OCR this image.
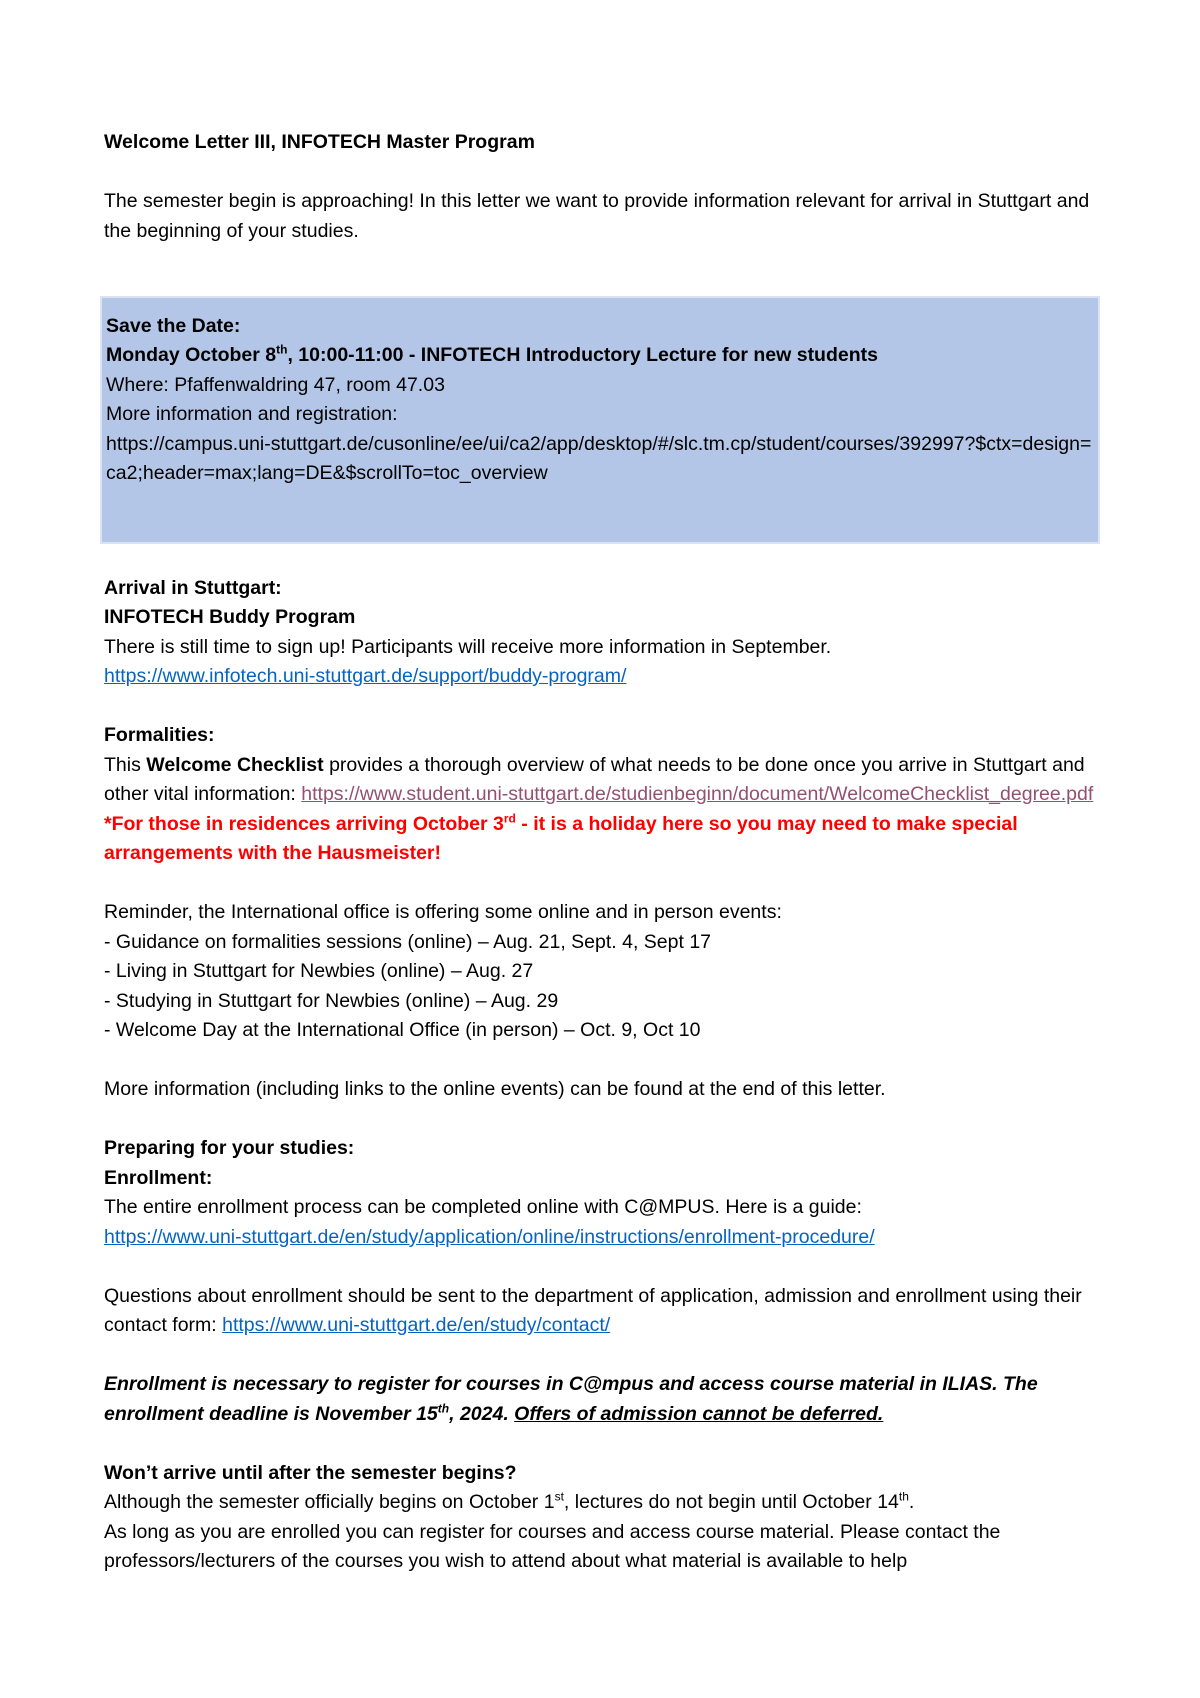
Welcome Letter III, INFOTECH Master Program

The semester begin is approaching! In this letter we want to provide information relevant for arrival in Stuttgart and the beginning of your studies.

Save the Date:

Monday October 8th, 10:00-11:00 - INFOTECH Introductory Lecture for new students

Where: Pfaffenwaldring 47, room 47.03

More information and registration:

https://campus.uni-stuttgart.de/cusonline/ee/ui/ca2/app/desktop/#/slc.tm.cp/student/courses/392997?$ctx=design=ca2;header=max;lang=DE&$scrollTo=toc_overview

Arrival in Stuttgart:

INFOTECH Buddy Program

There is still time to sign up! Participants will receive more information in September.

https://www.infotech.uni-stuttgart.de/support/buddy-program/

Formalities:

This Welcome Checklist provides a thorough overview of what needs to be done once you arrive in Stuttgart and other vital information: https://www.student.uni-stuttgart.de/studienbeginn/document/WelcomeChecklist_degree.pdf

*For those in residences arriving October 3rd - it is a holiday here so you may need to make special arrangements with the Hausmeister!

Reminder, the International office is offering some online and in person events:

- Guidance on formalities sessions (online) – Aug. 21, Sept. 4, Sept 17
- Living in Stuttgart for Newbies (online) – Aug. 27
- Studying in Stuttgart for Newbies (online) – Aug. 29
- Welcome Day at the International Office (in person) – Oct. 9, Oct 10

More information (including links to the online events) can be found at the end of this letter.

Preparing for your studies:

Enrollment:

The entire enrollment process can be completed online with C@MPUS. Here is a guide:

https://www.uni-stuttgart.de/en/study/application/online/instructions/enrollment-procedure/

Questions about enrollment should be sent to the department of application, admission and enrollment using their contact form: https://www.uni-stuttgart.de/en/study/contact/

Enrollment is necessary to register for courses in C@mpus and access course material in ILIAS. The enrollment deadline is November 15th, 2024. Offers of admission cannot be deferred.

Won’t arrive until after the semester begins?

Although the semester officially begins on October 1st, lectures do not begin until October 14th.

As long as you are enrolled you can register for courses and access course material. Please contact the professors/lecturers of the courses you wish to attend about what material is available to help
